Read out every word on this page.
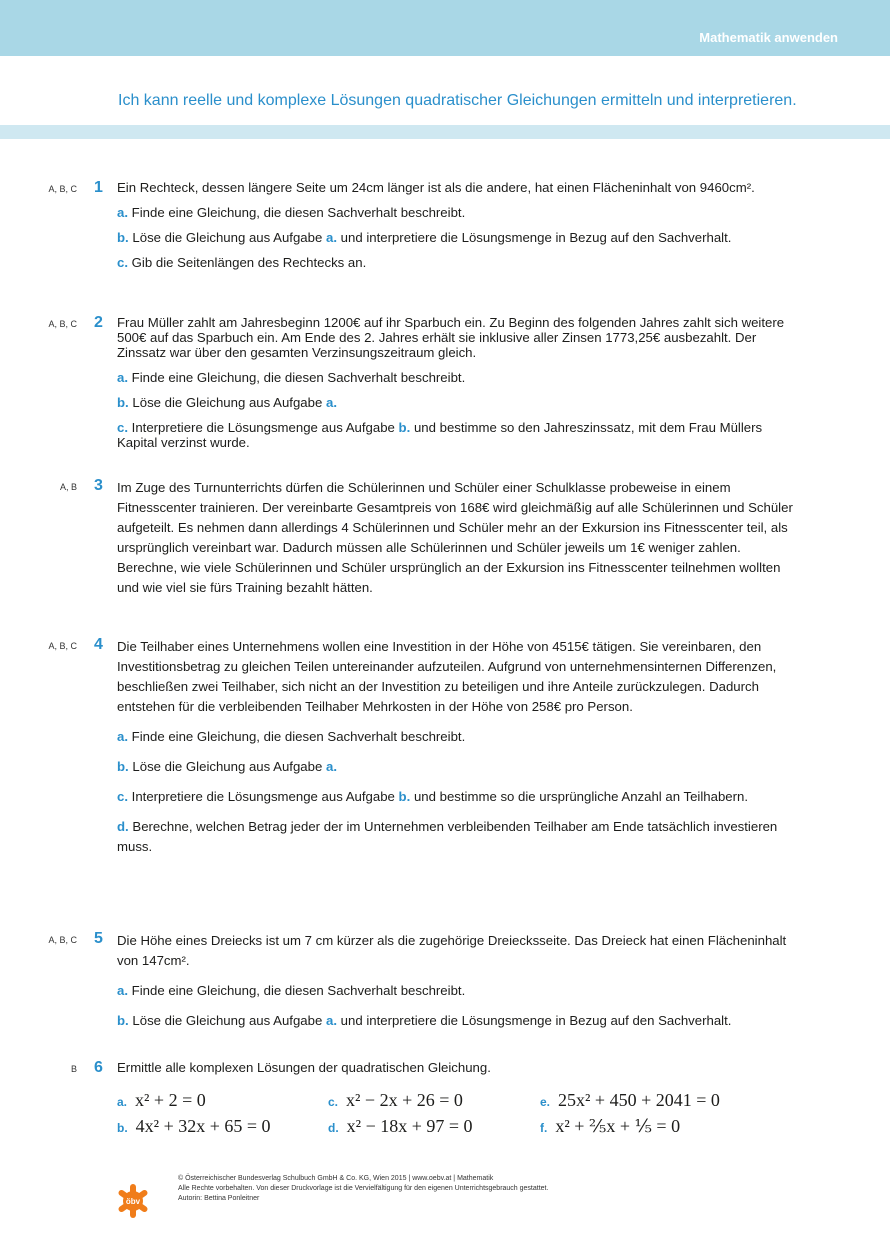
Mathematik anwenden
Ich kann reelle und komplexe Lösungen quadratischer Gleichungen ermitteln und interpretieren.
A, B, C 1 Ein Rechteck, dessen längere Seite um 24cm länger ist als die andere, hat einen Flächeninhalt von 9460cm².
a. Finde eine Gleichung, die diesen Sachverhalt beschreibt.
b. Löse die Gleichung aus Aufgabe a. und interpretiere die Lösungsmenge in Bezug auf den Sachverhalt.
c. Gib die Seitenlängen des Rechtecks an.
A, B, C 2 Frau Müller zahlt am Jahresbeginn 1200€ auf ihr Sparbuch ein. Zu Beginn des folgenden Jahres zahlt sich weitere 500€ auf das Sparbuch ein. Am Ende des 2. Jahres erhält sie inklusive aller Zinsen 1773,25€ ausbezahlt. Der Zinssatz war über den gesamten Verzinsungszeitraum gleich.
a. Finde eine Gleichung, die diesen Sachverhalt beschreibt.
b. Löse die Gleichung aus Aufgabe a.
c. Interpretiere die Lösungsmenge aus Aufgabe b. und bestimme so den Jahreszinssatz, mit dem Frau Müllers Kapital verzinst wurde.
A, B 3 Im Zuge des Turnunterrichts dürfen die Schülerinnen und Schüler einer Schulklasse probeweise in einem Fitnesscenter trainieren. Der vereinbarte Gesamtpreis von 168€ wird gleichmäßig auf alle Schülerinnen und Schüler aufgeteilt. Es nehmen dann allerdings 4 Schülerinnen und Schüler mehr an der Exkursion ins Fitnesscenter teil, als ursprünglich vereinbart war. Dadurch müssen alle Schülerinnen und Schüler jeweils um 1€ weniger zahlen.
Berechne, wie viele Schülerinnen und Schüler ursprünglich an der Exkursion ins Fitnesscenter teilnehmen wollten und wie viel sie fürs Training bezahlt hätten.
A, B, C 4 Die Teilhaber eines Unternehmens wollen eine Investition in der Höhe von 4515€ tätigen. Sie vereinbaren, den Investitionsbetrag zu gleichen Teilen untereinander aufzuteilen. Aufgrund von unternehmensinternen Differenzen, beschließen zwei Teilhaber, sich nicht an der Investition zu beteiligen und ihre Anteile zurückzulegen. Dadurch entstehen für die verbleibenden Teilhaber Mehrkosten in der Höhe von 258€ pro Person.
a. Finde eine Gleichung, die diesen Sachverhalt beschreibt.
b. Löse die Gleichung aus Aufgabe a.
c. Interpretiere die Lösungsmenge aus Aufgabe b. und bestimme so die ursprüngliche Anzahl an Teilhabern.
d. Berechne, welchen Betrag jeder der im Unternehmen verbleibenden Teilhaber am Ende tatsächlich investieren muss.
A, B, C 5 Die Höhe eines Dreiecks ist um 7 cm kürzer als die zugehörige Dreiecksseite. Das Dreieck hat einen Flächeninhalt von 147cm².
a. Finde eine Gleichung, die diesen Sachverhalt beschreibt.
b. Löse die Gleichung aus Aufgabe a. und interpretiere die Lösungsmenge in Bezug auf den Sachverhalt.
B 6 Ermittle alle komplexen Lösungen der quadratischen Gleichung.
a. x² + 2 = 0
b. 4x² + 32x + 65 = 0
c. x² − 2x + 26 = 0
d. x² − 18x + 97 = 0
e. 25x² + 450 + 2041 = 0
f. x² + ⅖x + ⅕ = 0
öbv
© Österreichischer Bundesverlag Schulbuch GmbH & Co. KG, Wien 2015 | www.oebv.at | Mathematik
Alle Rechte vorbehalten. Von dieser Druckvorlage ist die Vervielfältigung für den eigenen Unterrichtsgebrauch gestattet.
Autorin: Bettina Ponleitner
